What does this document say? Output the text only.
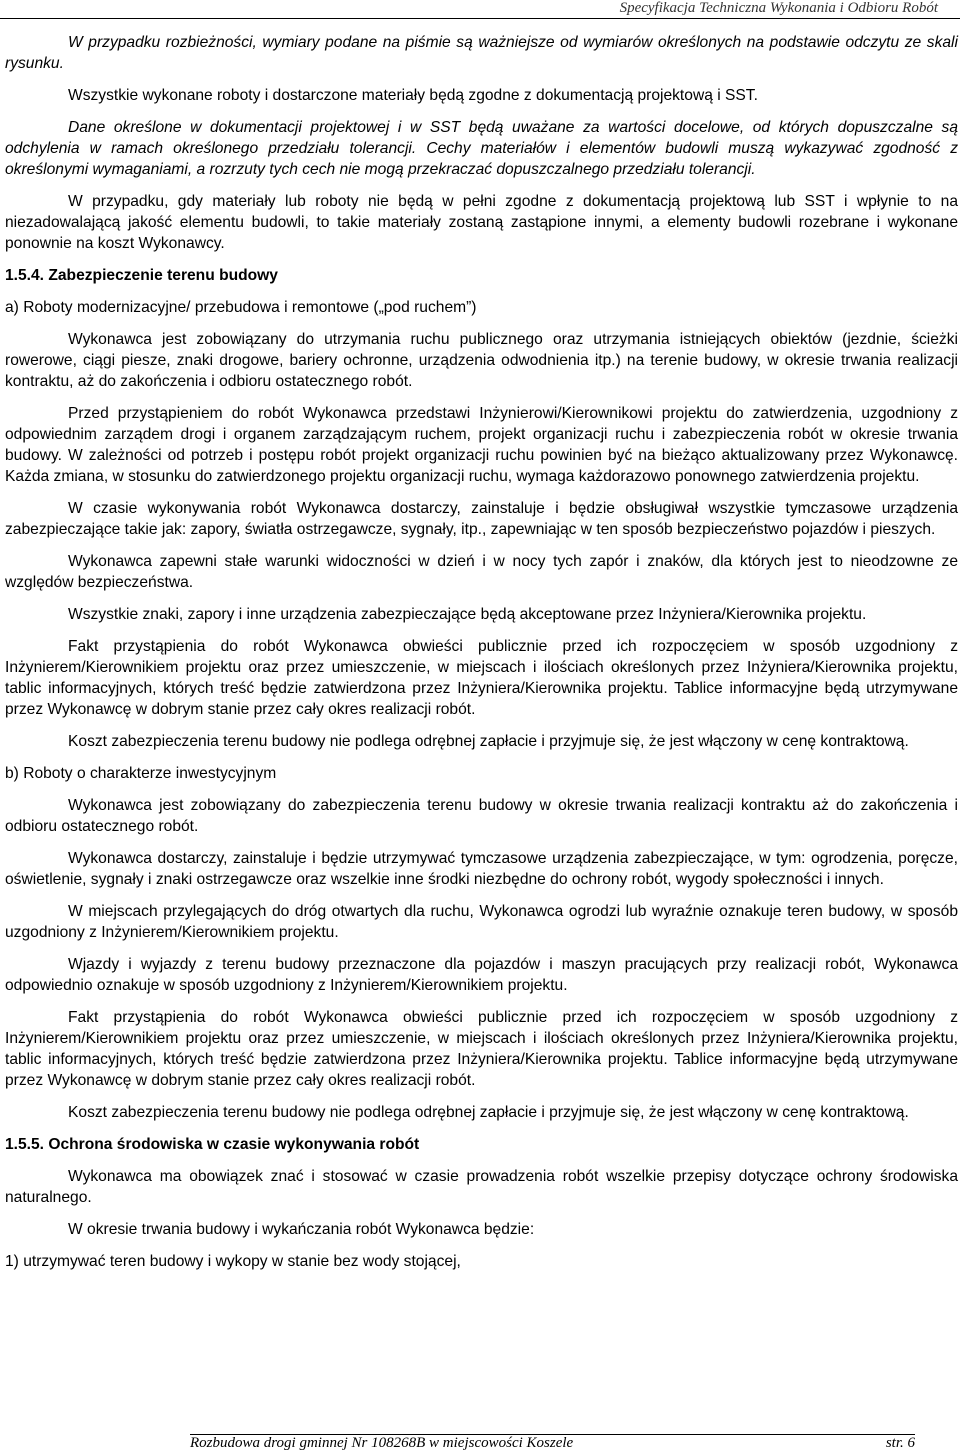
Specyfikacja Techniczna Wykonania i Odbioru Robót

W przypadku rozbieżności, wymiary podane na piśmie są ważniejsze od wymiarów określonych na podstawie odczytu ze skali rysunku.

Wszystkie wykonane roboty i dostarczone materiały będą zgodne z dokumentacją projektową i SST.

Dane określone w dokumentacji projektowej i w SST będą uważane za wartości docelowe, od których dopuszczalne są odchylenia w ramach określonego przedziału tolerancji. Cechy materiałów i elementów budowli muszą wykazywać zgodność z określonymi wymaganiami, a rozrzuty tych cech nie mogą przekraczać dopuszczalnego przedziału tolerancji.

W przypadku, gdy materiały lub roboty nie będą w pełni zgodne z dokumentacją projektową lub SST i wpłynie to na niezadowalającą jakość elementu budowli, to takie materiały zostaną zastąpione innymi, a elementy budowli rozebrane i wykonane ponownie na koszt Wykonawcy.

1.5.4. Zabezpieczenie terenu budowy
a) Roboty modernizacyjne/ przebudowa i remontowe („pod ruchem”)

Wykonawca jest zobowiązany do utrzymania ruchu publicznego oraz utrzymania istniejących obiektów (jezdnie, ścieżki rowerowe, ciągi piesze, znaki drogowe, bariery ochronne, urządzenia odwodnienia itp.) na terenie budowy, w okresie trwania realizacji kontraktu, aż do zakończenia i odbioru ostatecznego robót.

Przed przystąpieniem do robót Wykonawca przedstawi Inżynierowi/Kierownikowi projektu do zatwierdzenia, uzgodniony z odpowiednim zarządem drogi i organem zarządzającym ruchem, projekt organizacji ruchu i zabezpieczenia robót w okresie trwania budowy. W zależności od potrzeb i postępu robót projekt organizacji ruchu powinien być na bieżąco aktualizowany przez Wykonawcę. Każda zmiana, w stosunku do zatwierdzonego projektu organizacji ruchu, wymaga każdorazowo ponownego zatwierdzenia projektu.

W czasie wykonywania robót Wykonawca dostarczy, zainstaluje i będzie obsługiwał wszystkie tymczasowe urządzenia zabezpieczające takie jak: zapory, światła ostrzegawcze, sygnały, itp., zapewniając w ten sposób bezpieczeństwo pojazdów i pieszych.

Wykonawca zapewni stałe warunki widoczności w dzień i w nocy tych zapór i znaków, dla których jest to nieodzowne ze względów bezpieczeństwa.

Wszystkie znaki, zapory i inne urządzenia zabezpieczające będą akceptowane przez Inżyniera/Kierownika projektu.

Fakt przystąpienia do robót Wykonawca obwieści publicznie przed ich rozpoczęciem w sposób uzgodniony z Inżynierem/Kierownikiem projektu oraz przez umieszczenie, w miejscach i ilościach określonych przez Inżyniera/Kierownika projektu, tablic informacyjnych, których treść będzie zatwierdzona przez Inżyniera/Kierownika projektu. Tablice informacyjne będą utrzymywane przez Wykonawcę w dobrym stanie przez cały okres realizacji robót.

Koszt zabezpieczenia terenu budowy nie podlega odrębnej zapłacie i przyjmuje się, że jest włączony w cenę kontraktową.

b) Roboty o charakterze inwestycyjnym

Wykonawca jest zobowiązany do zabezpieczenia terenu budowy w okresie trwania realizacji kontraktu aż do zakończenia i odbioru ostatecznego robót.

Wykonawca dostarczy, zainstaluje i będzie utrzymywać tymczasowe urządzenia zabezpieczające, w tym: ogrodzenia, poręcze, oświetlenie, sygnały i znaki ostrzegawcze oraz wszelkie inne środki niezbędne do ochrony robót, wygody społeczności i innych.

W miejscach przylegających do dróg otwartych dla ruchu, Wykonawca ogrodzi lub wyraźnie oznakuje teren budowy, w sposób uzgodniony z Inżynierem/Kierownikiem projektu.

Wjazdy i wyjazdy z terenu budowy przeznaczone dla pojazdów i maszyn pracujących przy realizacji robót, Wykonawca odpowiednio oznakuje w sposób uzgodniony z Inżynierem/Kierownikiem projektu.

Fakt przystąpienia do robót Wykonawca obwieści publicznie przed ich rozpoczęciem w sposób uzgodniony z Inżynierem/Kierownikiem projektu oraz przez umieszczenie, w miejscach i ilościach określonych przez Inżyniera/Kierownika projektu, tablic informacyjnych, których treść będzie zatwierdzona przez Inżyniera/Kierownika projektu. Tablice informacyjne będą utrzymywane przez Wykonawcę w dobrym stanie przez cały okres realizacji robót.

Koszt zabezpieczenia terenu budowy nie podlega odrębnej zapłacie i przyjmuje się, że jest włączony w cenę kontraktową.

1.5.5. Ochrona środowiska w czasie wykonywania robót

Wykonawca ma obowiązek znać i stosować w czasie prowadzenia robót wszelkie przepisy dotyczące ochrony środowiska naturalnego.

W okresie trwania budowy i wykańczania robót Wykonawca będzie:

1) utrzymywać teren budowy i wykopy w stanie bez wody stojącej,
Rozbudowa drogi gminnej Nr 108268B w miejscowości Koszele	str. 6
